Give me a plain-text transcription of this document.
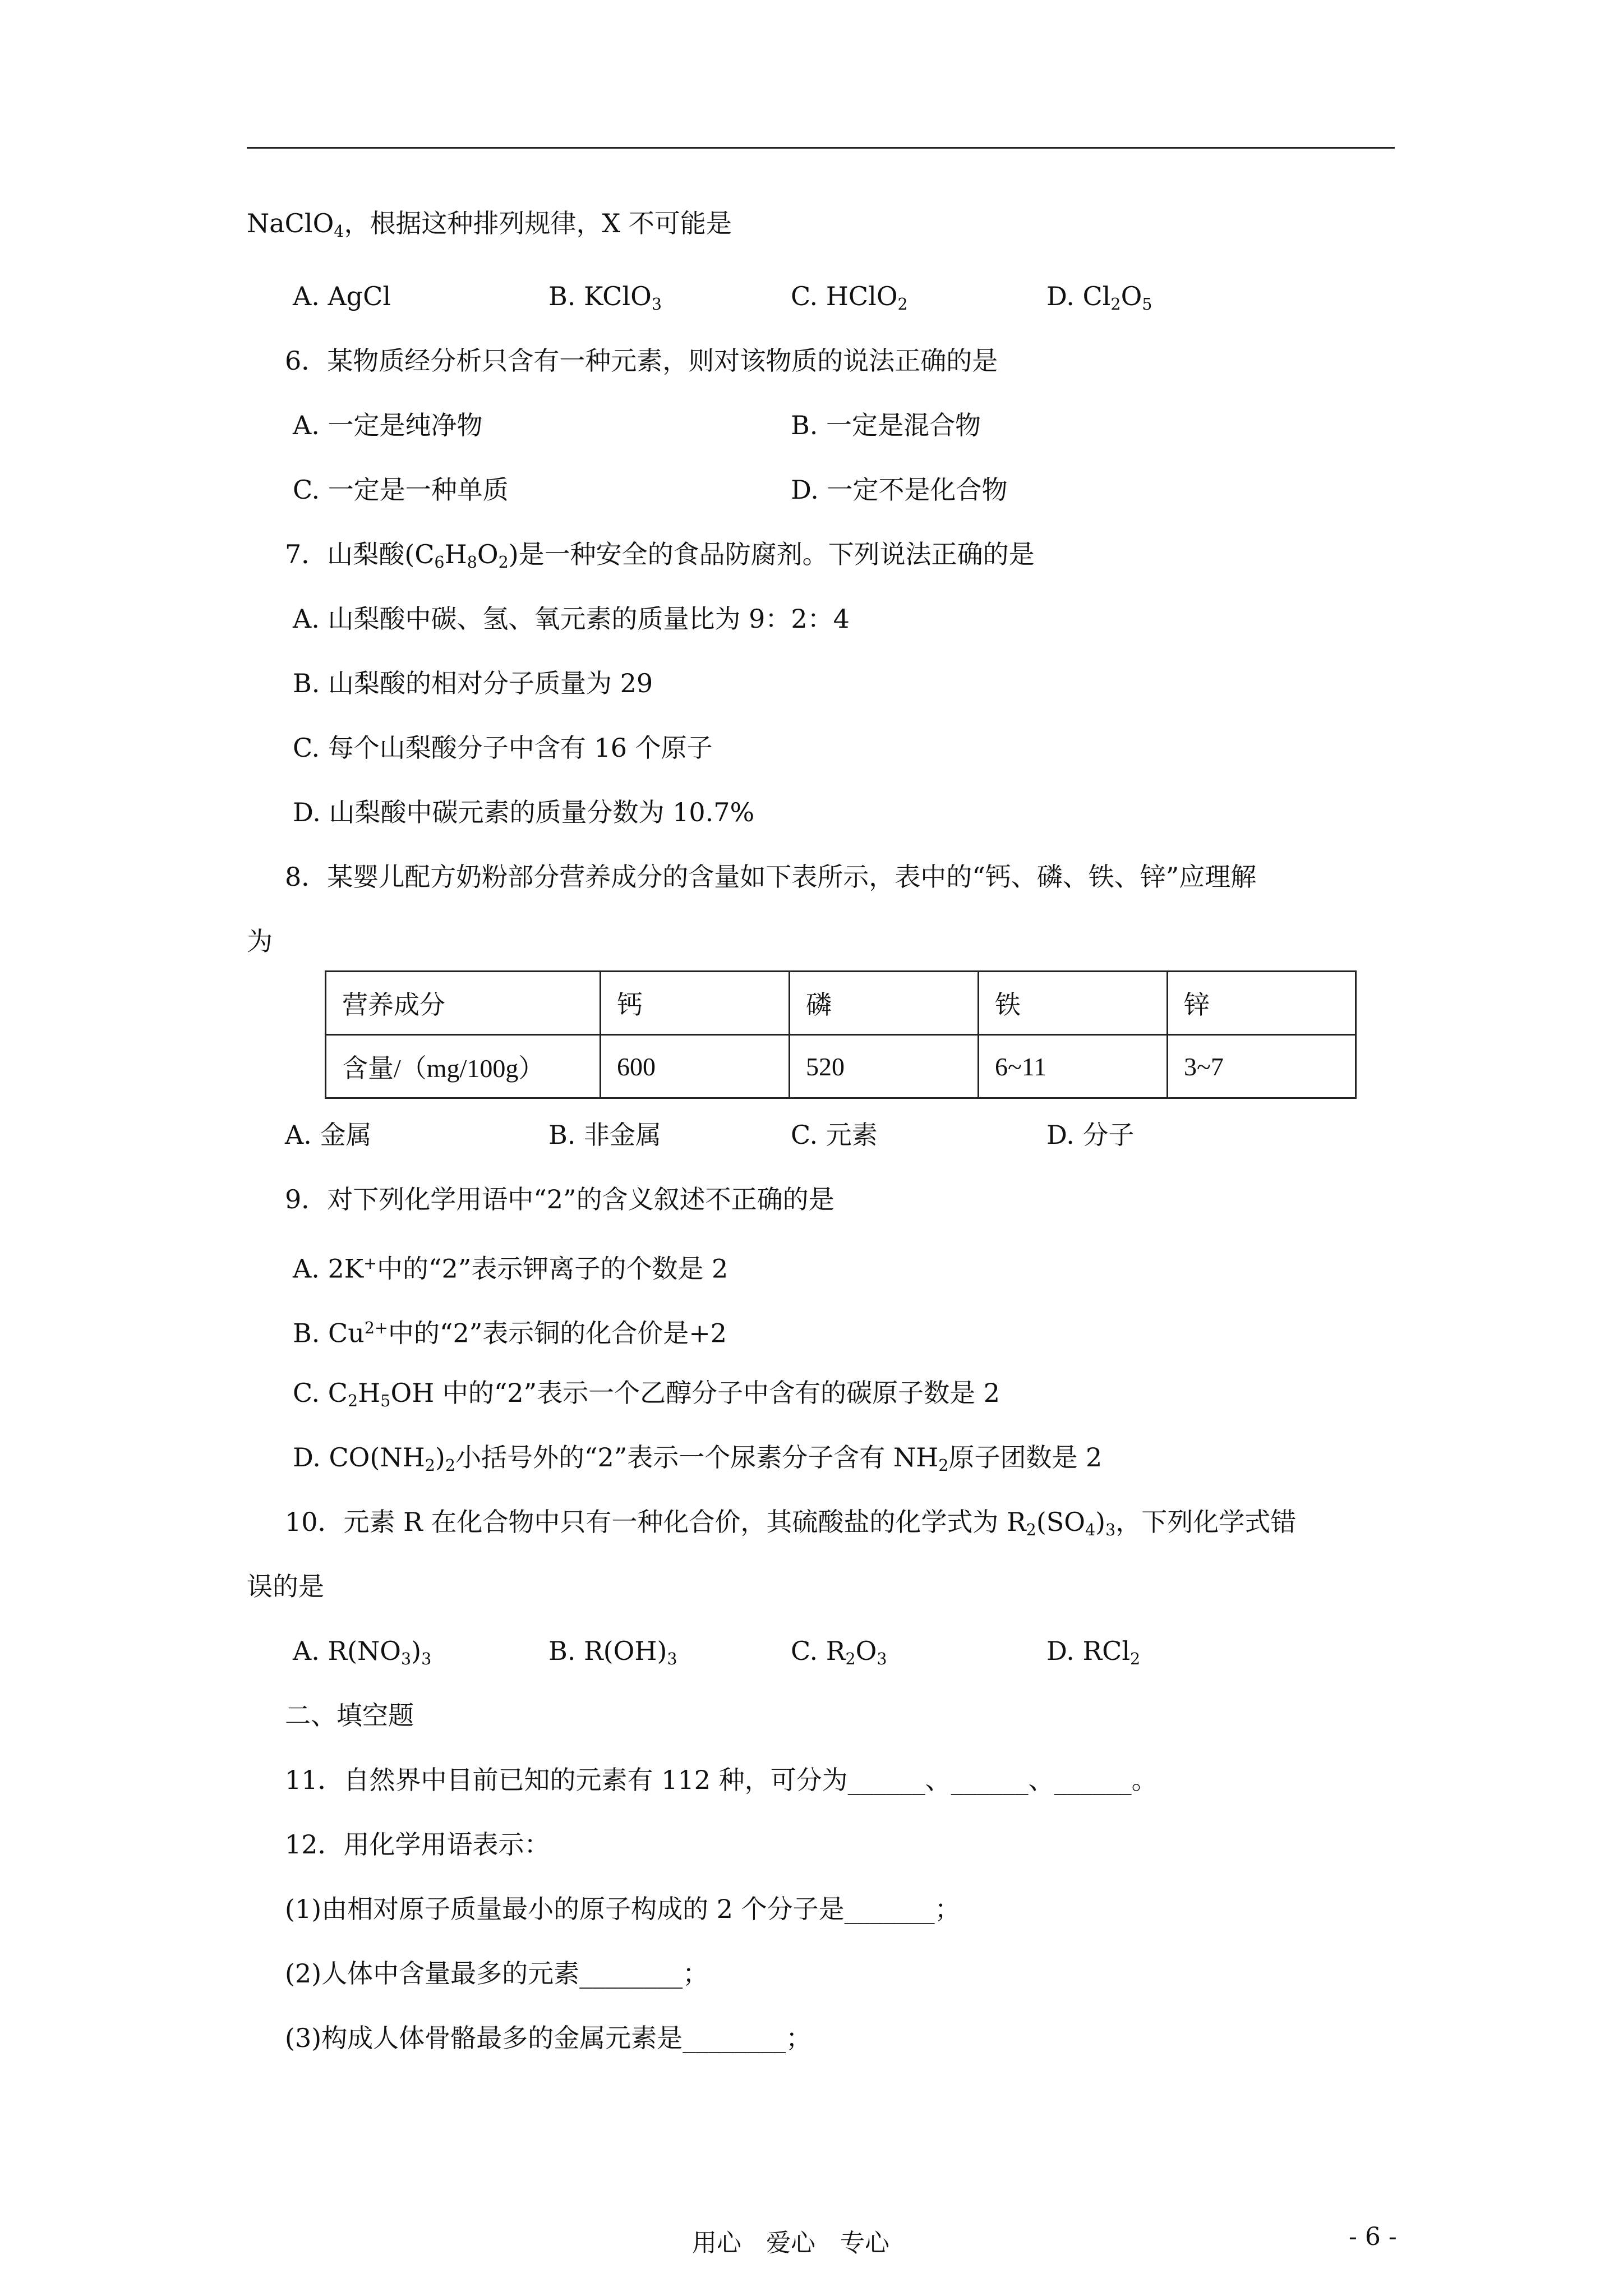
NaClO$_4$，根据这种排列规律，X 不可能是
A. AgCl	B. KClO$_3$	C. HClO$_2$	D. $Cl_2O_5$
6．某物质经分析只含有一种元素，则对该物质的说法正确的是
A. 一定是纯净物	B. 一定是混合物
C. 一定是一种单质	D. 一定不是化合物
7．山梨酸$(C_6H_8O_2)$是一种安全的食品防腐剂。下列说法正确的是
A. 山梨酸中碳、氢、氧元素的质量比为 9：2：4
B. 山梨酸的相对分子质量为 29
C. 每个山梨酸分子中含有 16 个原子
D. 山梨酸中碳元素的质量分数为 10.7%
8．某婴儿配方奶粉部分营养成分的含量如下表所示，表中的“钙、磷、铁、锌”应理解
为
营养成分	钙	磷	铁	锌
含量/（mg/100g）	600	520	6~11	3~7
A. 金属	B. 非金属	C. 元素	D. 分子
9．对下列化学用语中“2”的含义叙述不正确的是
A. 2K+中的“2”表示钾离子的个数是 2
B. $Cu^{2+}$中的“2”表示铜的化合价是+2
C. $C_2H_5OH$ 中的“2”表示一个乙醇分子中含有的碳原子数是 2
D. $CO(NH_2)_2$小括号外的“2”表示一个尿素分子含有 $NH_2$原子团数是 2
10．元素 R 在化合物中只有一种化合价，其硫酸盐的化学式为 $R_2(SO_4)_3$，下列化学式错
误的是
A. $R(NO_3)_3$	B. $R(OH)_3$	C. $R_2O_3$	D. RCl$_2$
二、填空题
11．自然界中目前已知的元素有 112 种，可分为______、______、______。
12．用化学用语表示：
(1)由相对原子质量最小的原子构成的 2 个分子是_______；
(2)人体中含量最多的元素________；
(3)构成人体骨骼最多的金属元素是________；
用心　爱心　专心	- 6 -
